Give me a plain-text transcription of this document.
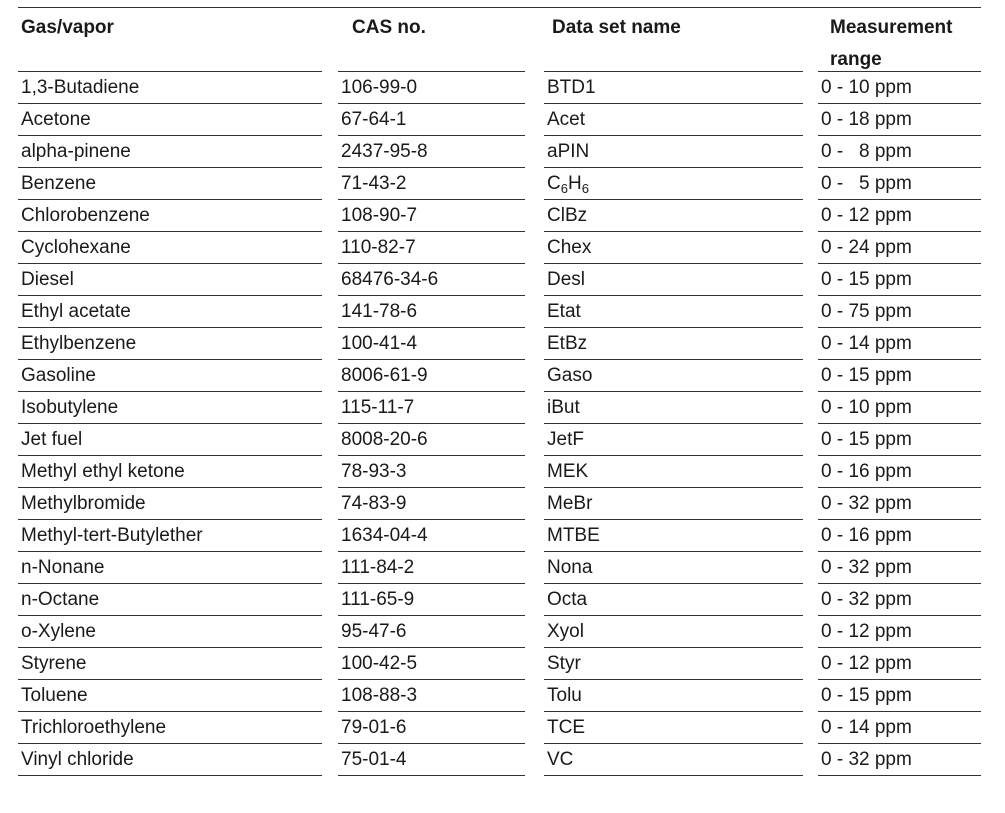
Gas/vapor	CAS no.	Data set name	Measurement
range
1,3-Butadiene	106-99-0	BTD1	0 - 10 ppm
Acetone	67-64-1	Acet	0 - 18 ppm
alpha-pinene	2437-95-8	aPIN	0 -   8 ppm
Benzene	71-43-2	$C_6H_6$	0 -   5 ppm
Chlorobenzene	108-90-7	ClBz	0 - 12 ppm
Cyclohexane	110-82-7	Chex	0 - 24 ppm
Diesel	68476-34-6	Desl	0 - 15 ppm
Ethyl acetate	141-78-6	Etat	0 - 75 ppm
Ethylbenzene	100-41-4	EtBz	0 - 14 ppm
Gasoline	8006-61-9	Gaso	0 - 15 ppm
Isobutylene	115-11-7	iBut	0 - 10 ppm
Jet fuel	8008-20-6	JetF	0 - 15 ppm
Methyl ethyl ketone	78-93-3	MEK	0 - 16 ppm
Methylbromide	74-83-9	MeBr	0 - 32 ppm
Methyl-tert-Butylether	1634-04-4	MTBE	0 - 16 ppm
n-Nonane	111-84-2	Nona	0 - 32 ppm
n-Octane	111-65-9	Octa	0 - 32 ppm
o-Xylene	95-47-6	Xyol	0 - 12 ppm
Styrene	100-42-5	Styr	0 - 12 ppm
Toluene	108-88-3	Tolu	0 - 15 ppm
Trichloroethylene	79-01-6	TCE	0 - 14 ppm
Vinyl chloride	75-01-4	VC	0 - 32 ppm
